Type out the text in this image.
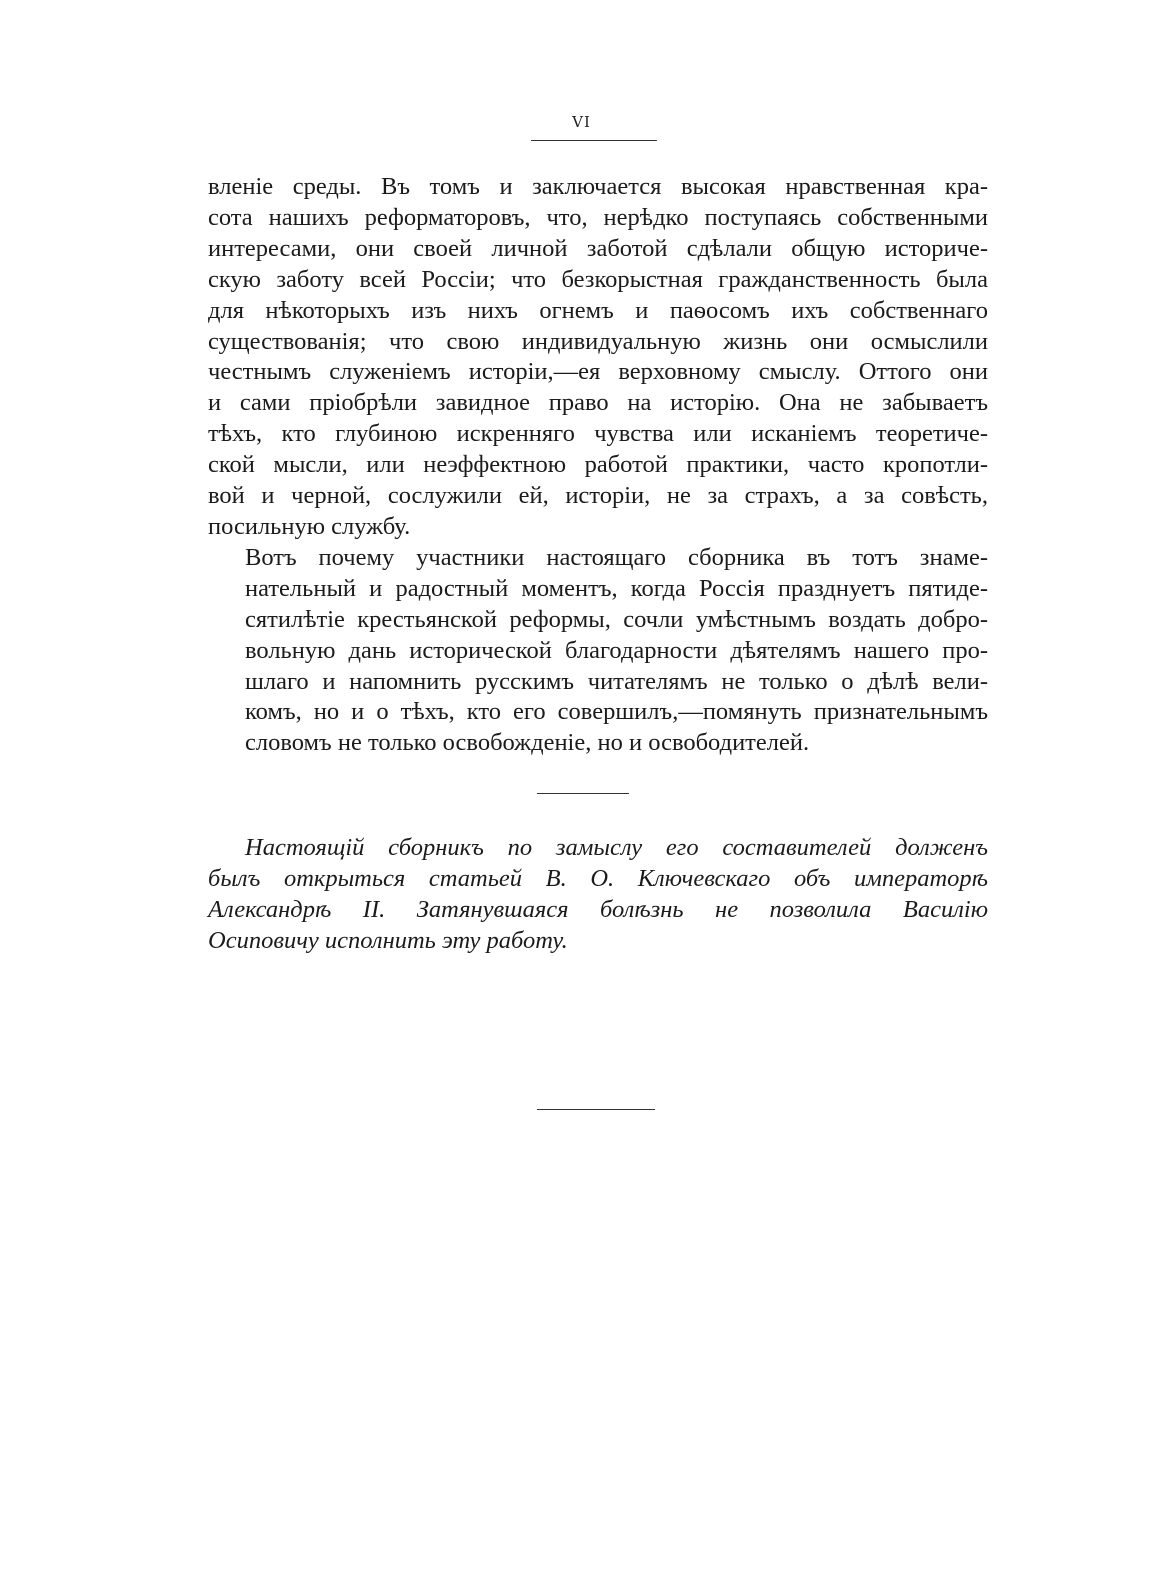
VI

вленіе среды. Въ томъ и заключается высокая нравственная кра-
сота нашихъ реформаторовъ, что, нерѣдко поступаясь собственными
интересами, они своей личной заботой сдѣлали общую историче-
скую заботу всей Россіи; что безкорыстная гражданственность была
для нѣкоторыхъ изъ нихъ огнемъ и паѳосомъ ихъ собственнаго
существованія; что свою индивидуальную жизнь они осмыслили
честнымъ служеніемъ исторіи,—ея верховному смыслу. Оттого они
и сами пріобрѣли завидное право на исторію. Она не забываетъ
тѣхъ, кто глубиною искренняго чувства или исканіемъ теоретиче-
ской мысли, или неэффектною работой практики, часто кропотли-
вой и черной, сослужили ей, исторіи, не за страхъ, а за совѣсть,
посильную службу.

Вотъ почему участники настоящаго сборника въ тотъ знаме-
нательный и радостный моментъ, когда Россія празднуетъ пятиде-
сятилѣтіе крестьянской реформы, сочли умѣстнымъ воздать добро-
вольную дань исторической благодарности дѣятелямъ нашего про-
шлаго и напомнить русскимъ читателямъ не только о дѣлѣ вели-
комъ, но и о тѣхъ, кто его совершилъ,—помянуть признательнымъ
словомъ не только освобожденіе, но и освободителей.

Настоящій сборникъ по замыслу его составителей долженъ
былъ открыться статьей В. О. Ключевскаго объ императорѣ
Александрѣ II. Затянувшаяся болѣзнь не позволила Василію
Осиповичу исполнить эту работу.
